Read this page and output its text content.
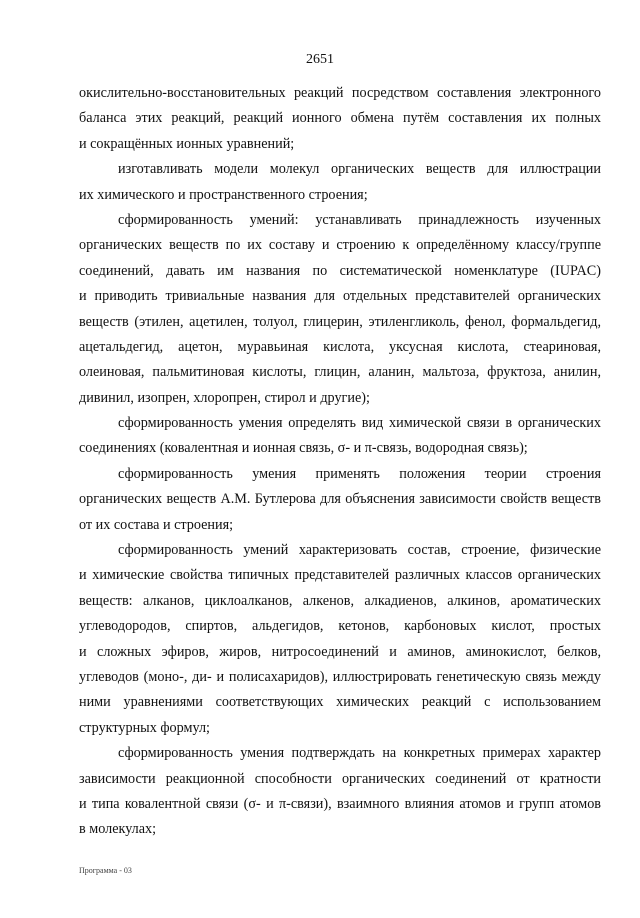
2651
окислительно-восстановительных реакций посредством составления электронного
баланса этих реакций, реакций ионного обмена путём составления их полных
и сокращённых ионных уравнений;
изготавливать модели молекул органических веществ для иллюстрации
их химического и пространственного строения;
сформированность умений: устанавливать принадлежность изученных
органических веществ по их составу и строению к определённому классу/группе
соединений, давать им названия по систематической номенклатуре (IUPAC)
и приводить тривиальные названия для отдельных представителей органических
веществ (этилен, ацетилен, толуол, глицерин, этиленгликоль, фенол, формальдегид,
ацетальдегид, ацетон, муравьиная кислота, уксусная кислота, стеариновая,
олеиновая, пальмитиновая кислоты, глицин, аланин, мальтоза, фруктоза, анилин,
дивинил, изопрен, хлоропрен, стирол и другие);
сформированность умения определять вид химической связи в органических
соединениях (ковалентная и ионная связь, σ- и π-связь, водородная связь);
сформированность умения применять положения теории строения
органических веществ А.М. Бутлерова для объяснения зависимости свойств веществ
от их состава и строения;
сформированность умений характеризовать состав, строение, физические
и химические свойства типичных представителей различных классов органических
веществ: алканов, циклоалканов, алкенов, алкадиенов, алкинов, ароматических
углеводородов, спиртов, альдегидов, кетонов, карбоновых кислот, простых
и сложных эфиров, жиров, нитросоединений и аминов, аминокислот, белков,
углеводов (моно-, ди- и полисахаридов), иллюстрировать генетическую связь между
ними уравнениями соответствующих химических реакций с использованием
структурных формул;
сформированность умения подтверждать на конкретных примерах характер
зависимости реакционной способности органических соединений от кратности
и типа ковалентной связи (σ- и π-связи), взаимного влияния атомов и групп атомов
в молекулах;
Программа - 03
